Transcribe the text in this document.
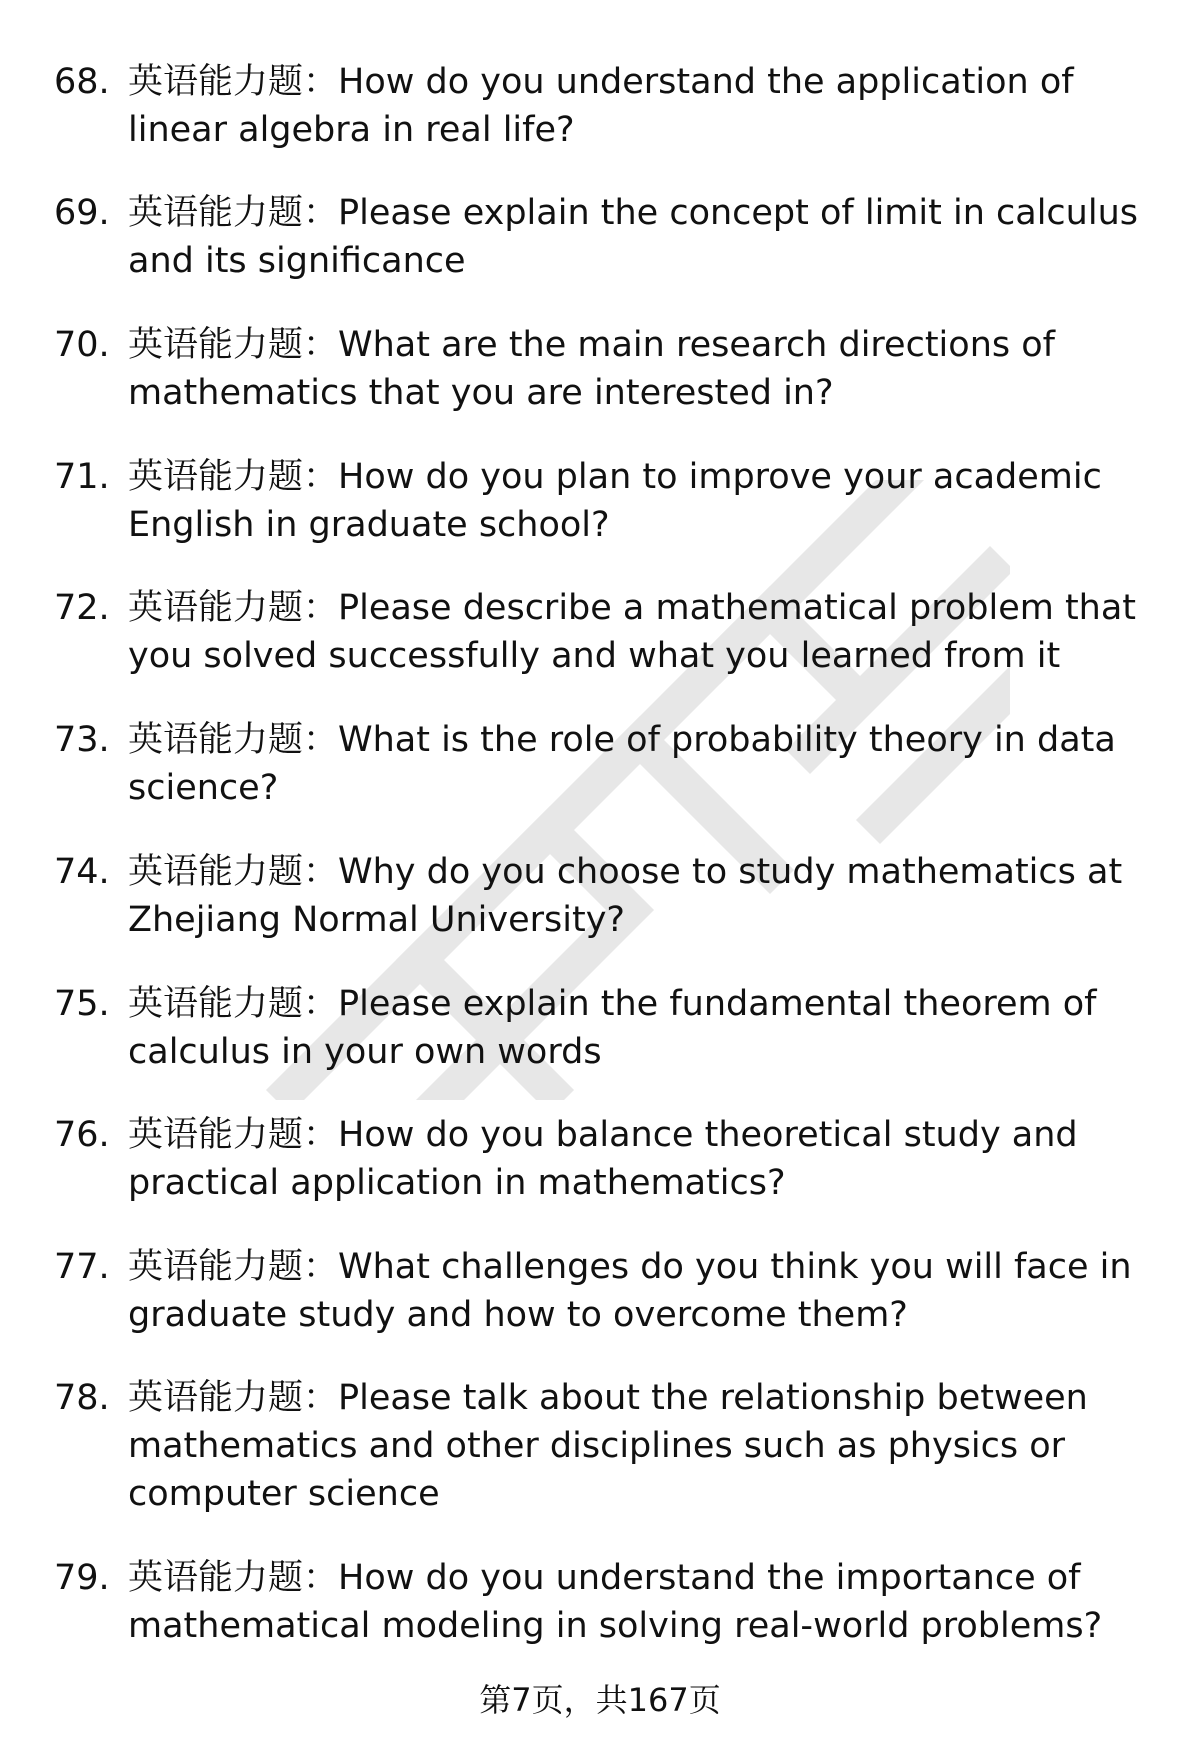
68. 英语能力题：How do you understand the application of
linear algebra in real life?
69. 英语能力题：Please explain the concept of limit in calculus
and its significance
70. 英语能力题：What are the main research directions of
mathematics that you are interested in?
71. 英语能力题：How do you plan to improve your academic
English in graduate school?
72. 英语能力题：Please describe a mathematical problem that
you solved successfully and what you learned from it
73. 英语能力题：What is the role of probability theory in data
science?
74. 英语能力题：Why do you choose to study mathematics at
Zhejiang Normal University?
75. 英语能力题：Please explain the fundamental theorem of
calculus in your own words
76. 英语能力题：How do you balance theoretical study and
practical application in mathematics?
77. 英语能力题：What challenges do you think you will face in
graduate study and how to overcome them?
78. 英语能力题：Please talk about the relationship between
mathematics and other disciplines such as physics or
computer science
79. 英语能力题：How do you understand the importance of
mathematical modeling in solving real-world problems?
第7页，共167页
